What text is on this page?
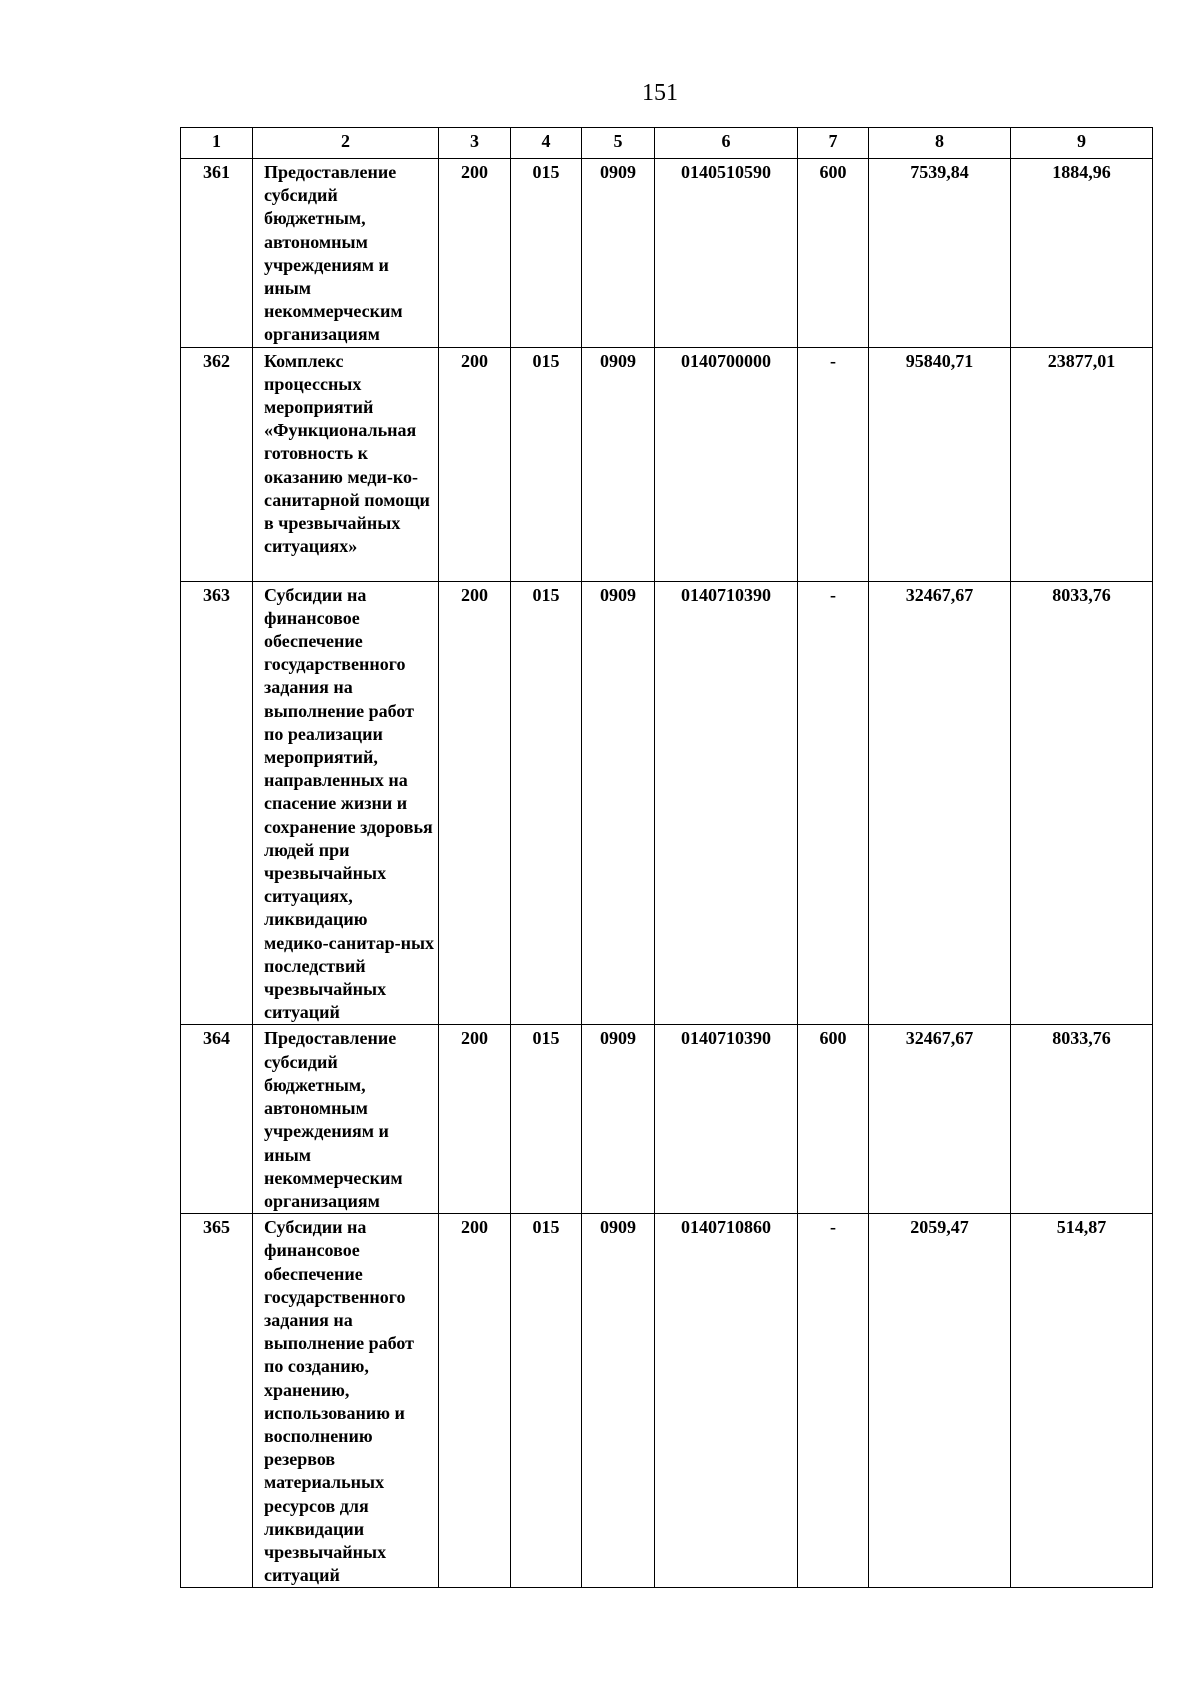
151
1	2	3	4	5	6	7	8	9
361	Предоставление субсидий бюджетным, автономным учреждениям и иным некоммерческим организациям	200	015	0909	0140510590	600	7539,84	1884,96
362	Комплекс процессных мероприятий «Функциональная готовность к оказанию меди-ко-санитарной помощи в чрезвычайных ситуациях»	200	015	0909	0140700000	-	95840,71	23877,01
363	Субсидии на финансовое обеспечение государственного задания на выполнение работ по реализации мероприятий, направленных на спасение жизни и сохранение здоровья людей при чрезвычайных ситуациях, ликвидацию медико-санитар-ных последствий чрезвычайных ситуаций	200	015	0909	0140710390	-	32467,67	8033,76
364	Предоставление субсидий бюджетным, автономным учреждениям и иным некоммерческим организациям	200	015	0909	0140710390	600	32467,67	8033,76
365	Субсидии на финансовое обеспечение государственного задания на выполнение работ по созданию, хранению, использованию и восполнению резервов материальных ресурсов для ликвидации чрезвычайных ситуаций	200	015	0909	0140710860	-	2059,47	514,87
